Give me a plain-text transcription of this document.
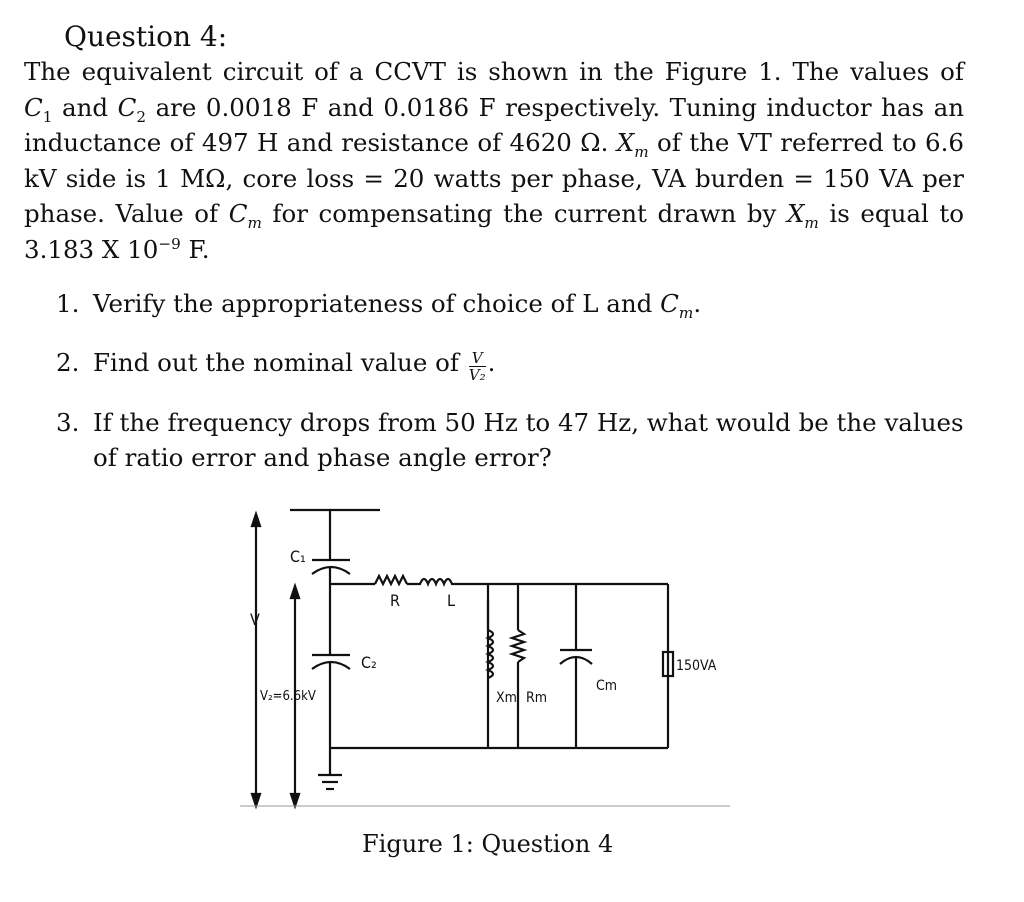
Question 4:
The equivalent circuit of a CCVT is shown in the Figure 1. The values of
$C_1$ and $C_2$ are 0.0018 F and 0.0186 F respectively. Tuning inductor has an
inductance of 497 H and resistance of 4620 Ω. $X_m$ of the VT referred to 6.6
kV side is 1 MΩ, core loss = 20 watts per phase, VA burden = 150 VA per
phase. Value of $C_m$ for compensating the current drawn by $X_m$ is equal to
3.183 X $10^{-9}$ F.
1. Verify the appropriateness of choice of L and $C_m$.
2. Find out the nominal value of $\frac{V}{\text{V₂}}$ .
3. If the frequency drops from 50 Hz to 47 Hz, what would be the values
of ratio error and phase angle error?
C₁
C₂
R	L
V
V₂=6.6kV	Xm Rm
Cm
150VA
Figure 1: Question 4
